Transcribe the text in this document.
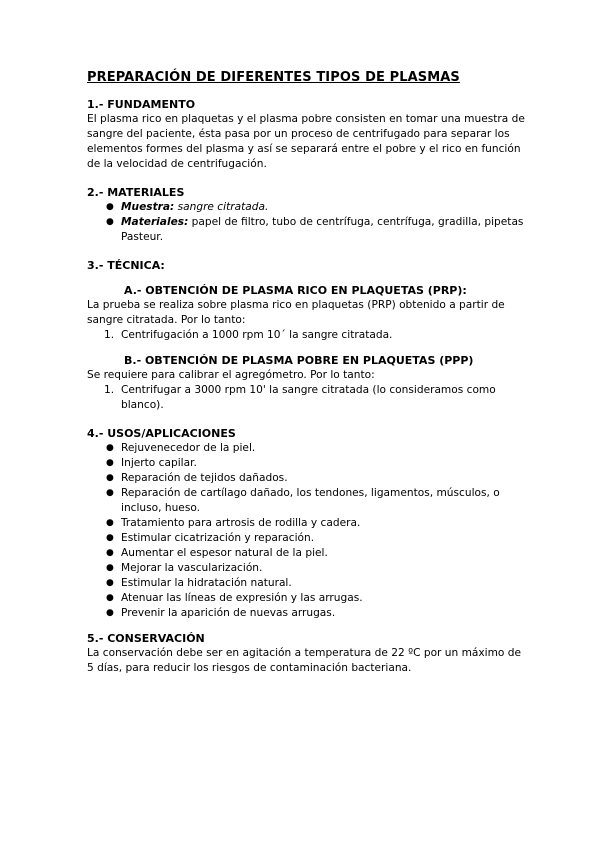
PREPARACIÓN DE DIFERENTES TIPOS DE PLASMAS
1.- FUNDAMENTO
El plasma rico en plaquetas y el plasma pobre consisten en tomar una muestra de sangre del paciente, ésta pasa por un proceso de centrifugado para separar los elementos formes del plasma y así se separará entre el pobre y el rico en función de la velocidad de centrifugación.
2.- MATERIALES
● Muestra: sangre citratada.
● Materiales: papel de filtro, tubo de centrífuga, centrífuga, gradilla, pipetas Pasteur.
3.- TÉCNICA:
A.- OBTENCIÓN DE PLASMA RICO EN PLAQUETAS (PRP):
La prueba se realiza sobre plasma rico en plaquetas (PRP) obtenido a partir de sangre citratada. Por lo tanto:
1. Centrifugación a 1000 rpm 10´ la sangre citratada.
B.- OBTENCIÓN DE PLASMA POBRE EN PLAQUETAS (PPP)
Se requiere para calibrar el agregómetro. Por lo tanto:
1. Centrifugar a 3000 rpm 10' la sangre citratada (lo consideramos como blanco).
4.- USOS/APLICACIONES
● Rejuvenecedor de la piel.
● Injerto capilar.
● Reparación de tejidos dañados.
● Reparación de cartílago dañado, los tendones, ligamentos, músculos, o incluso, hueso.
● Tratamiento para artrosis de rodilla y cadera.
● Estimular cicatrización y reparación.
● Aumentar el espesor natural de la piel.
● Mejorar la vascularización.
● Estimular la hidratación natural.
● Atenuar las líneas de expresión y las arrugas.
● Prevenir la aparición de nuevas arrugas.
5.- CONSERVACIÓN
La conservación debe ser en agitación a temperatura de 22 ºC por un máximo de 5 días, para reducir los riesgos de contaminación bacteriana.
